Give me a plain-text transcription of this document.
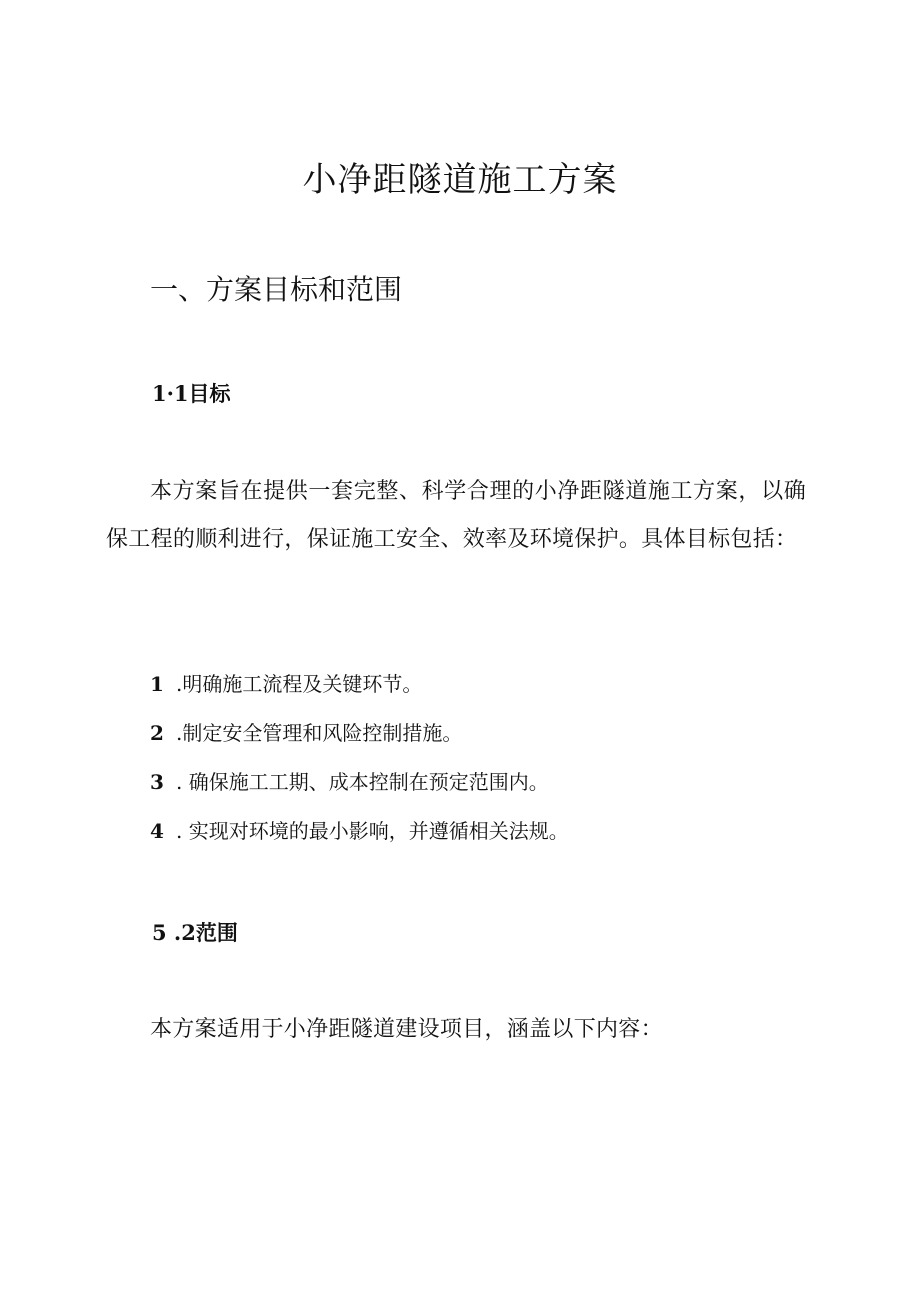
小净距隧道施工方案
一、方案目标和范围
1·1目标
本方案旨在提供一套完整、科学合理的小净距隧道施工方案，以确保工程的顺利进行，保证施工安全、效率及环境保护。具体目标包括：
1 .明确施工流程及关键环节。
2 .制定安全管理和风险控制措施。
3 . 确保施工工期、成本控制在预定范围内。
4 . 实现对环境的最小影响，并遵循相关法规。
5 .2范围
本方案适用于小净距隧道建设项目，涵盖以下内容：
